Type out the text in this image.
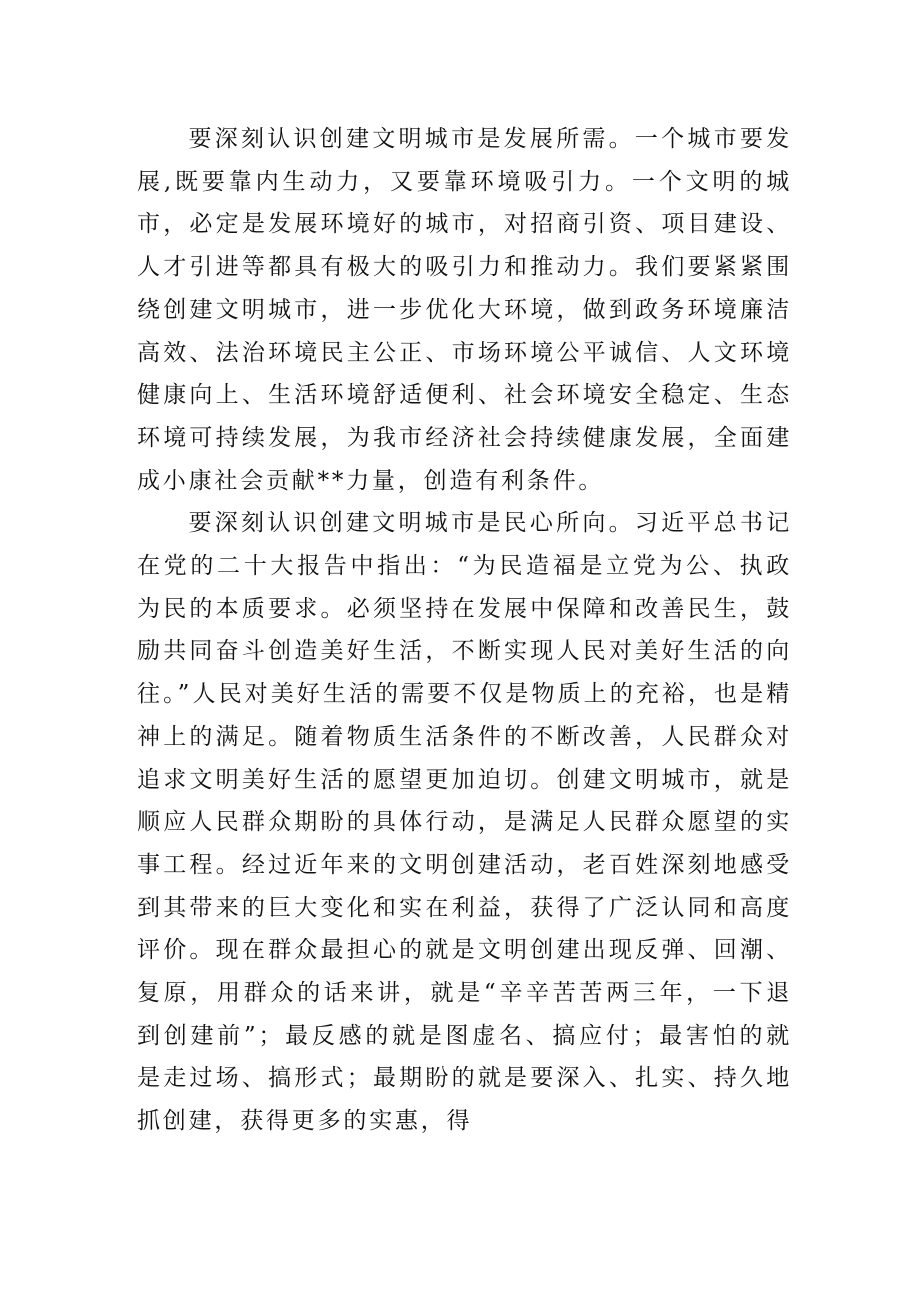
要深刻认识创建文明城市是发展所需。一个城市要发展,既要靠内生动力，又要靠环境吸引力。一个文明的城市，必定是发展环境好的城市，对招商引资、项目建设、人才引进等都具有极大的吸引力和推动力。我们要紧紧围绕创建文明城市，进一步优化大环境，做到政务环境廉洁高效、法治环境民主公正、市场环境公平诚信、人文环境健康向上、生活环境舒适便利、社会环境安全稳定、生态环境可持续发展，为我市经济社会持续健康发展，全面建成小康社会贡献**力量，创造有利条件。

要深刻认识创建文明城市是民心所向。习近平总书记在党的二十大报告中指出：“为民造福是立党为公、执政为民的本质要求。必须坚持在发展中保障和改善民生，鼓励共同奋斗创造美好生活，不断实现人民对美好生活的向往。”人民对美好生活的需要不仅是物质上的充裕，也是精神上的满足。随着物质生活条件的不断改善，人民群众对追求文明美好生活的愿望更加迫切。创建文明城市，就是顺应人民群众期盼的具体行动，是满足人民群众愿望的实事工程。经过近年来的文明创建活动，老百姓深刻地感受到其带来的巨大变化和实在利益，获得了广泛认同和高度评价。现在群众最担心的就是文明创建出现反弹、回潮、复原，用群众的话来讲，就是“辛辛苦苦两三年，一下退到创建前”；最反感的就是图虚名、搞应付；最害怕的就是走过场、搞形式；最期盼的就是要深入、扎实、持久地抓创建，获得更多的实惠，得
